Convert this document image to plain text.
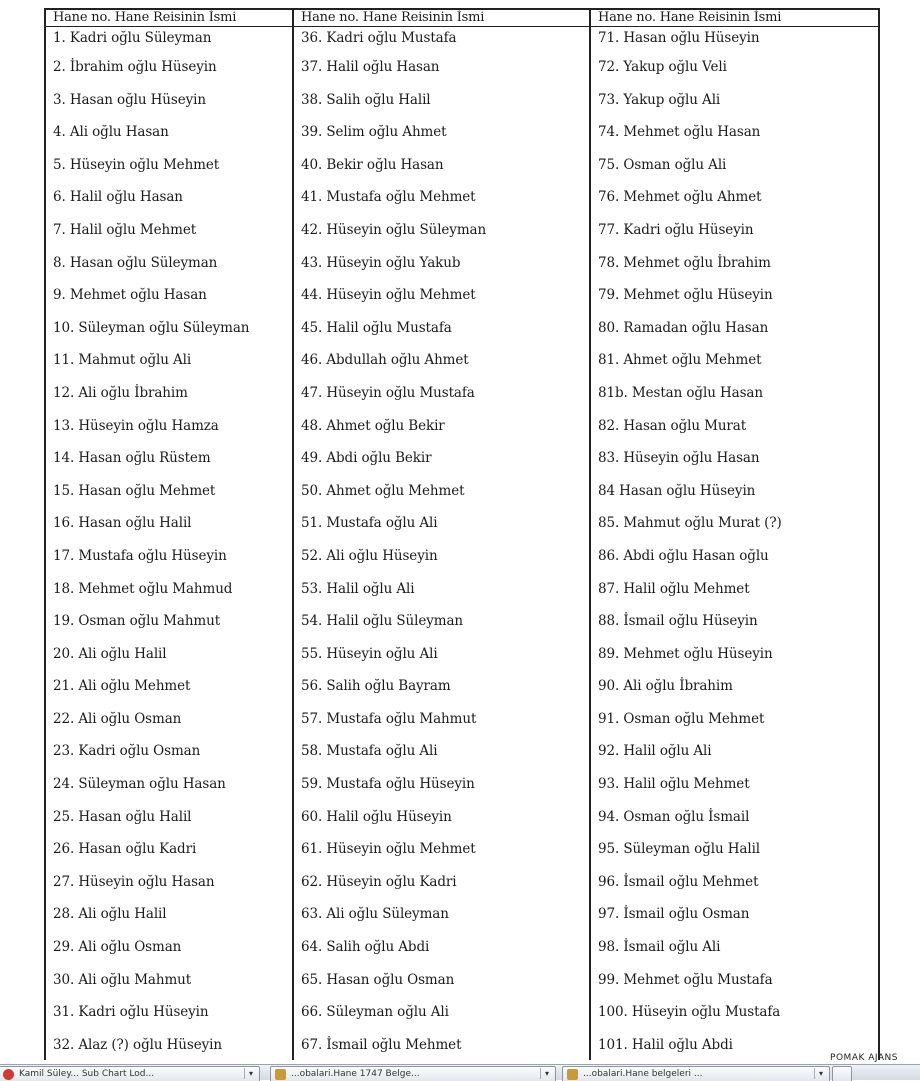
Hane no. Hane Reisinin İsmi
1. Kadri oğlu Süleyman
2. İbrahim oğlu Hüseyin
3. Hasan oğlu Hüseyin
4. Ali oğlu Hasan
5. Hüseyin oğlu Mehmet
6. Halil oğlu Hasan
7. Halil oğlu Mehmet
8. Hasan oğlu Süleyman
9. Mehmet oğlu Hasan
10. Süleyman oğlu Süleyman
11. Mahmut oğlu Ali
12. Ali oğlu İbrahim
13. Hüseyin oğlu Hamza
14. Hasan oğlu Rüstem
15. Hasan oğlu Mehmet
16. Hasan oğlu Halil
17. Mustafa oğlu Hüseyin
18. Mehmet oğlu Mahmud
19. Osman oğlu Mahmut
20. Ali oğlu Halil
21. Ali oğlu Mehmet
22. Ali oğlu Osman
23. Kadri oğlu Osman
24. Süleyman oğlu Hasan
25. Hasan oğlu Halil
26. Hasan oğlu Kadri
27. Hüseyin oğlu Hasan
28. Ali oğlu Halil
29. Ali oğlu Osman
30. Ali oğlu Mahmut
31. Kadri oğlu Hüseyin
32. Alaz (?) oğlu Hüseyin
Hane no. Hane Reisinin İsmi
36. Kadri oğlu Mustafa
37. Halil oğlu Hasan
38. Salih oğlu Halil
39. Selim oğlu Ahmet
40. Bekir oğlu Hasan
41. Mustafa oğlu Mehmet
42. Hüseyin oğlu Süleyman
43. Hüseyin oğlu Yakub
44. Hüseyin oğlu Mehmet
45. Halil oğlu Mustafa
46. Abdullah oğlu Ahmet
47. Hüseyin oğlu Mustafa
48. Ahmet oğlu Bekir
49. Abdi oğlu Bekir
50. Ahmet oğlu Mehmet
51. Mustafa oğlu Ali
52. Ali oğlu Hüseyin
53. Halil oğlu Ali
54. Halil oğlu Süleyman
55. Hüseyin oğlu Ali
56. Salih oğlu Bayram
57. Mustafa oğlu Mahmut
58. Mustafa oğlu Ali
59. Mustafa oğlu Hüseyin
60. Halil oğlu Hüseyin
61. Hüseyin oğlu Mehmet
62. Hüseyin oğlu Kadri
63. Ali oğlu Süleyman
64. Salih oğlu Abdi
65. Hasan oğlu Osman
66. Süleyman oğlu Ali
67. İsmail oğlu Mehmet
Hane no. Hane Reisinin İsmi
71. Hasan oğlu Hüseyin
72. Yakup oğlu Veli
73. Yakup oğlu Ali
74. Mehmet oğlu Hasan
75. Osman oğlu Ali
76. Mehmet oğlu Ahmet
77. Kadri oğlu Hüseyin
78. Mehmet oğlu İbrahim
79. Mehmet oğlu Hüseyin
80. Ramadan oğlu Hasan
81. Ahmet oğlu Mehmet
81b. Mestan oğlu Hasan
82. Hasan oğlu Murat
83. Hüseyin oğlu Hasan
84 Hasan oğlu Hüseyin
85. Mahmut oğlu Murat (?)
86. Abdi oğlu Hasan oğlu
87. Halil oğlu Mehmet
88. İsmail oğlu Hüseyin
89. Mehmet oğlu Hüseyin
90. Ali oğlu İbrahim
91. Osman oğlu Mehmet
92. Halil oğlu Ali
93. Halil oğlu Mehmet
94. Osman oğlu İsmail
95. Süleyman oğlu Halil
96. İsmail oğlu Mehmet
97. İsmail oğlu Osman
98. İsmail oğlu Ali
99. Mehmet oğlu Mustafa
100. Hüseyin oğlu Mustafa
101. Halil oğlu Abdi
POMAK AJANS
Kamil Süley... Sub Chart Lod...	▾	...obalari.Hane 1747 Belge...	▾	...obalari.Hane belgeleri ...	▾
